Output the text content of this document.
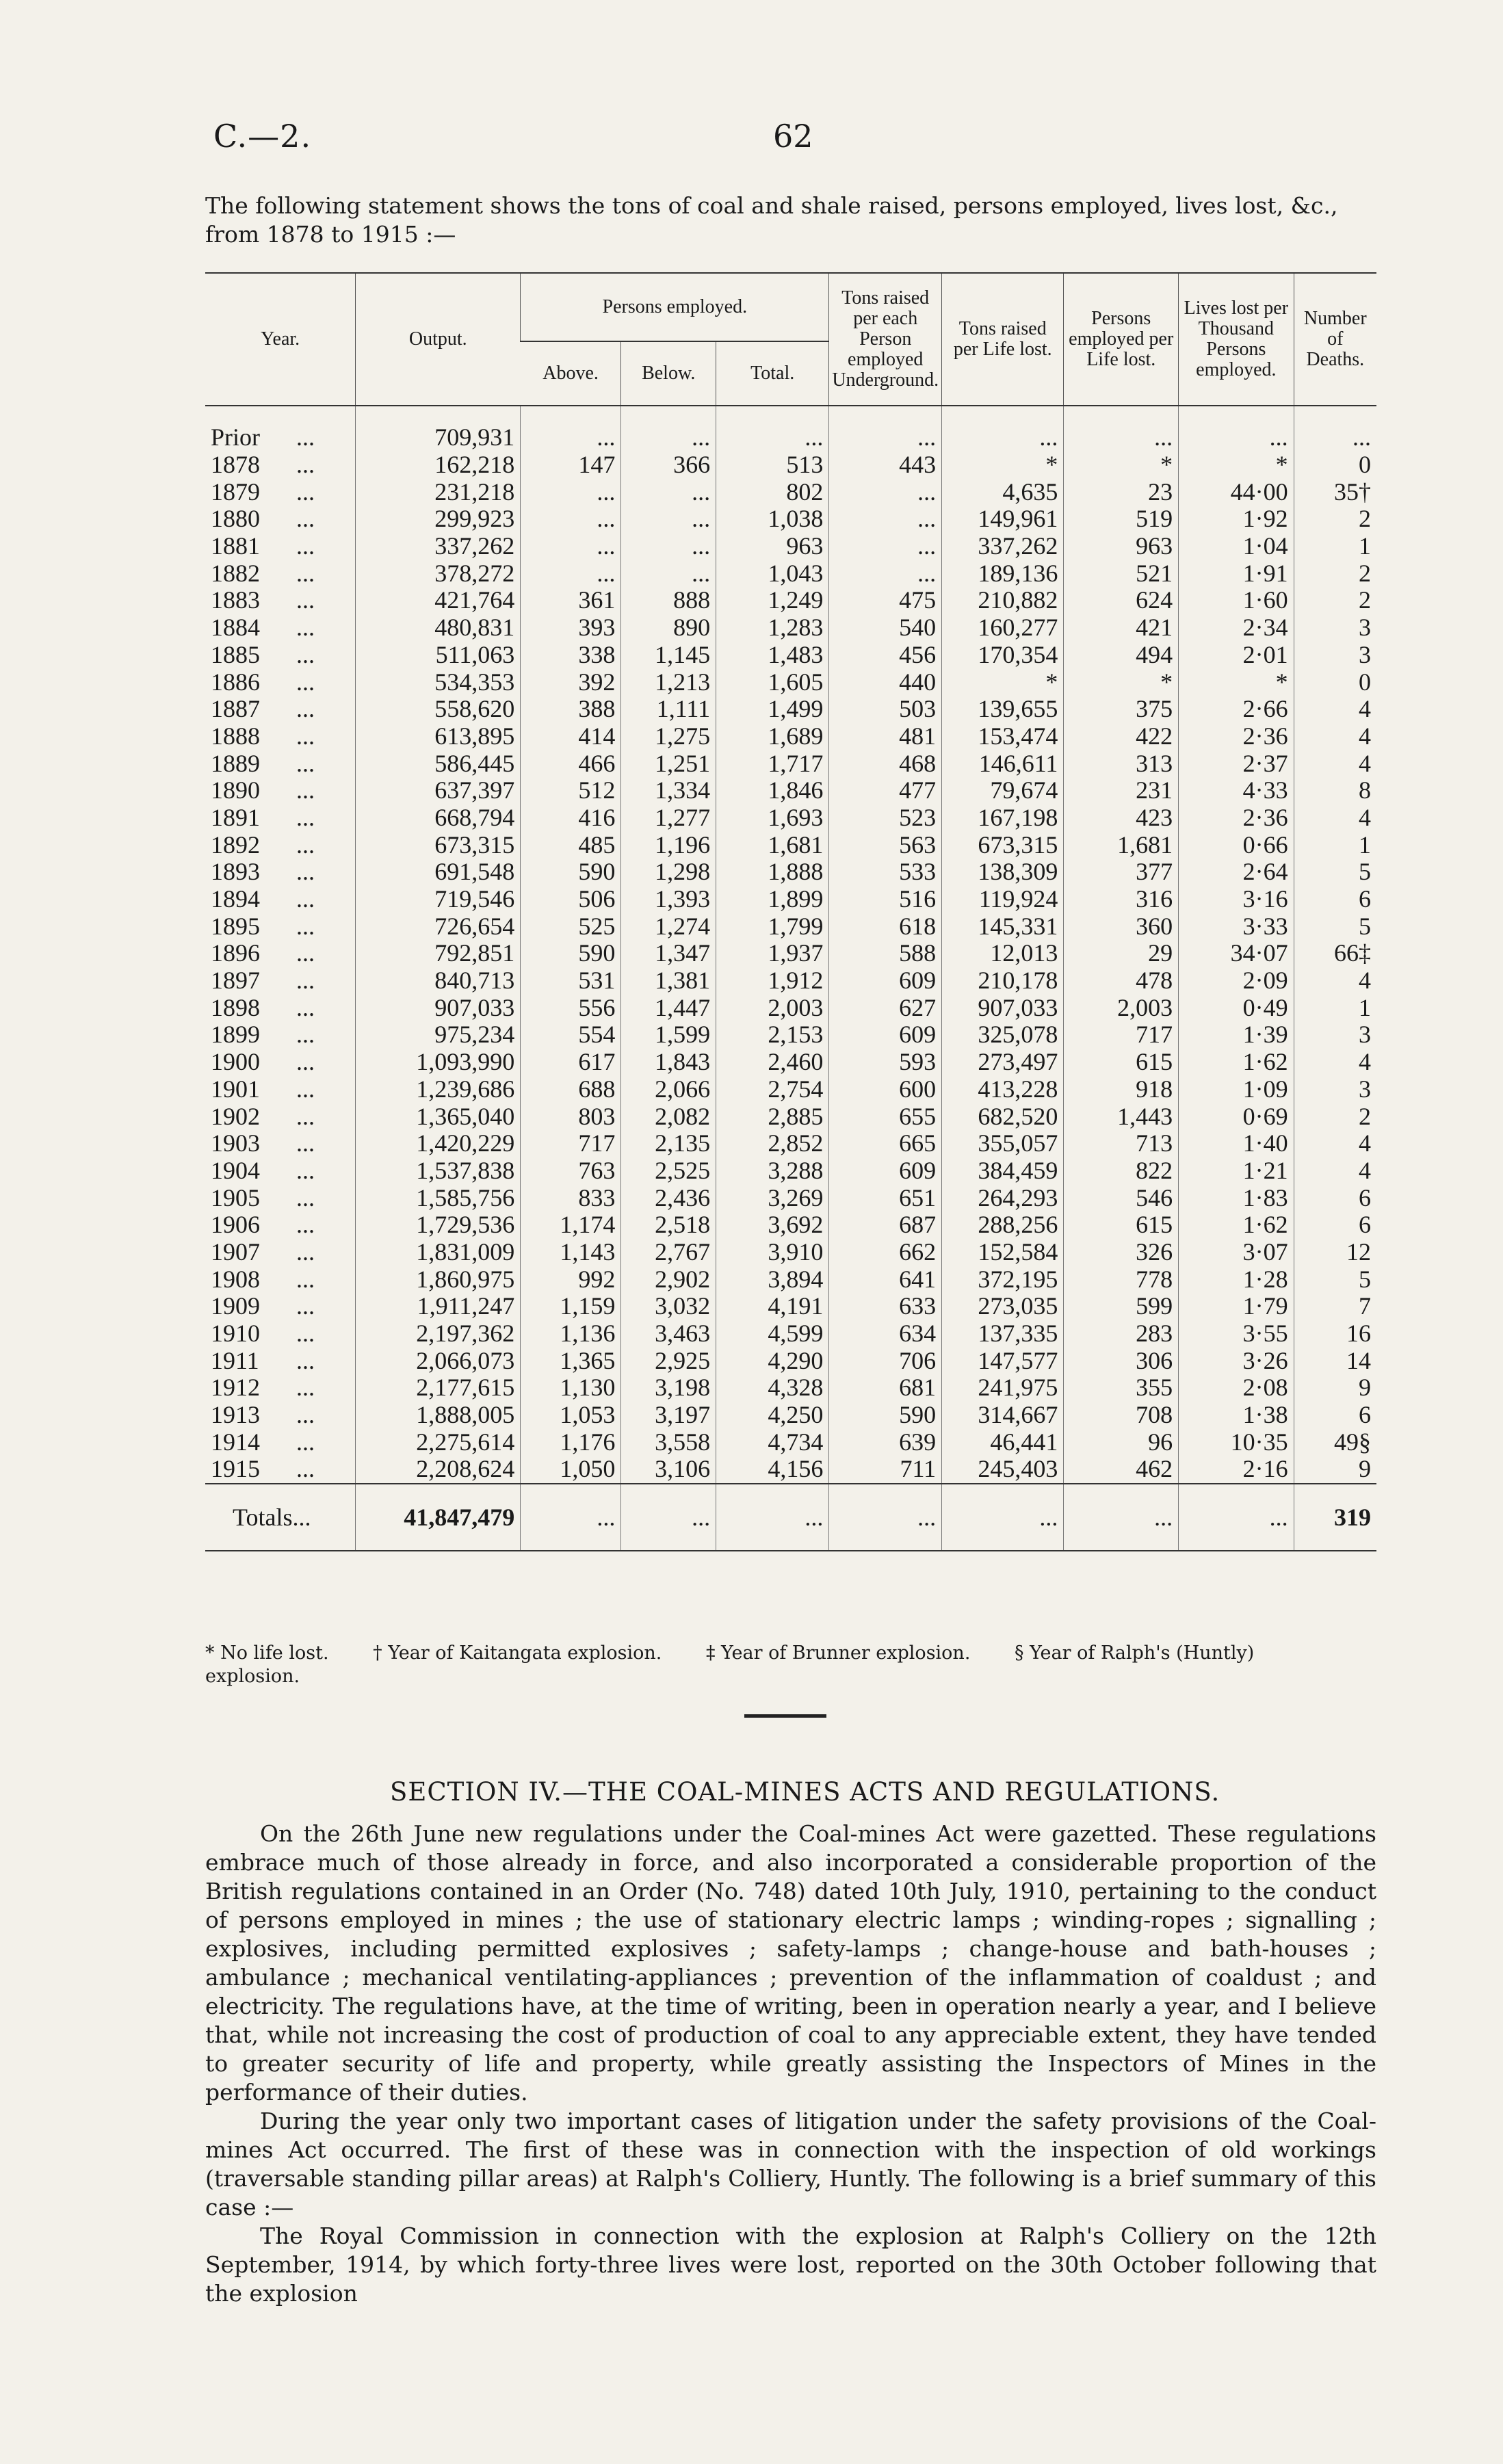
C.—2.	62
The following statement shows the tons of coal and shale raised, persons employed, lives lost, &c., from 1878 to 1915 :—
Year.	Output.	Persons employed.			Tons raised per each Person employed Underground.	Tons raised per Life lost.	Persons employed per Life lost.	Lives lost per Thousand Persons employed.	Number of Deaths.
		Above.	Below.	Total.					

Prior ...	709,931	...	...	...	...	...	...	...	...
1878 ...	162,218	147	366	513	443	*	*	*	0
1879 ...	231,218	...	...	802	...	4,635	23	44·00	35†
1880 ...	299,923	...	...	1,038	...	149,961	519	1·92	2
1881 ...	337,262	...	...	963	...	337,262	963	1·04	1
1882 ...	378,272	...	...	1,043	...	189,136	521	1·91	2
1883 ...	421,764	361	888	1,249	475	210,882	624	1·60	2
1884 ...	480,831	393	890	1,283	540	160,277	421	2·34	3
1885 ...	511,063	338	1,145	1,483	456	170,354	494	2·01	3
1886 ...	534,353	392	1,213	1,605	440	*	*	*	0
1887 ...	558,620	388	1,111	1,499	503	139,655	375	2·66	4
1888 ...	613,895	414	1,275	1,689	481	153,474	422	2·36	4
1889 ...	586,445	466	1,251	1,717	468	146,611	313	2·37	4
1890 ...	637,397	512	1,334	1,846	477	79,674	231	4·33	8
1891 ...	668,794	416	1,277	1,693	523	167,198	423	2·36	4
1892 ...	673,315	485	1,196	1,681	563	673,315	1,681	0·66	1
1893 ...	691,548	590	1,298	1,888	533	138,309	377	2·64	5
1894 ...	719,546	506	1,393	1,899	516	119,924	316	3·16	6
1895 ...	726,654	525	1,274	1,799	618	145,331	360	3·33	5
1896 ...	792,851	590	1,347	1,937	588	12,013	29	34·07	66‡
1897 ...	840,713	531	1,381	1,912	609	210,178	478	2·09	4
1898 ...	907,033	556	1,447	2,003	627	907,033	2,003	0·49	1
1899 ...	975,234	554	1,599	2,153	609	325,078	717	1·39	3
1900 ...	1,093,990	617	1,843	2,460	593	273,497	615	1·62	4
1901 ...	1,239,686	688	2,066	2,754	600	413,228	918	1·09	3
1902 ...	1,365,040	803	2,082	2,885	655	682,520	1,443	0·69	2
1903 ...	1,420,229	717	2,135	2,852	665	355,057	713	1·40	4
1904 ...	1,537,838	763	2,525	3,288	609	384,459	822	1·21	4
1905 ...	1,585,756	833	2,436	3,269	651	264,293	546	1·83	6
1906 ...	1,729,536	1,174	2,518	3,692	687	288,256	615	1·62	6
1907 ...	1,831,009	1,143	2,767	3,910	662	152,584	326	3·07	12
1908 ...	1,860,975	992	2,902	3,894	641	372,195	778	1·28	5
1909 ...	1,911,247	1,159	3,032	4,191	633	273,035	599	1·79	7
1910 ...	2,197,362	1,136	3,463	4,599	634	137,335	283	3·55	16
1911 ...	2,066,073	1,365	2,925	4,290	706	147,577	306	3·26	14
1912 ...	2,177,615	1,130	3,198	4,328	681	241,975	355	2·08	9
1913 ...	1,888,005	1,053	3,197	4,250	590	314,667	708	1·38	6
1914 ...	2,275,614	1,176	3,558	4,734	639	46,441	96	10·35	49§
1915 ...	2,208,624	1,050	3,106	4,156	711	245,403	462	2·16	9
Totals...	41,847,479	...	...	...	...	...	...	...	319
* No life lost. † Year of Kaitangata explosion. ‡ Year of Brunner explosion. § Year of Ralph's (Huntly) explosion.
SECTION IV.—THE COAL-MINES ACTS AND REGULATIONS.

On the 26th June new regulations under the Coal-mines Act were gazetted. These regulations embrace much of those already in force, and also incorporated a considerable proportion of the British regulations contained in an Order (No. 748) dated 10th July, 1910, pertaining to the conduct of persons employed in mines ; the use of stationary electric lamps ; winding-ropes ; signalling ; explosives, including permitted explosives ; safety-lamps ; change-house and bath-houses ; ambulance ; mechanical ventilating-appliances ; prevention of the inflammation of coaldust ; and electricity. The regulations have, at the time of writing, been in operation nearly a year, and I believe that, while not increasing the cost of production of coal to any appreciable extent, they have tended to greater security of life and property, while greatly assisting the Inspectors of Mines in the performance of their duties.

During the year only two important cases of litigation under the safety provisions of the Coal-mines Act occurred. The first of these was in connection with the inspection of old workings (traversable standing pillar areas) at Ralph's Colliery, Huntly. The following is a brief summary of this case :—

The Royal Commission in connection with the explosion at Ralph's Colliery on the 12th September, 1914, by which forty-three lives were lost, reported on the 30th October following that the explosion
